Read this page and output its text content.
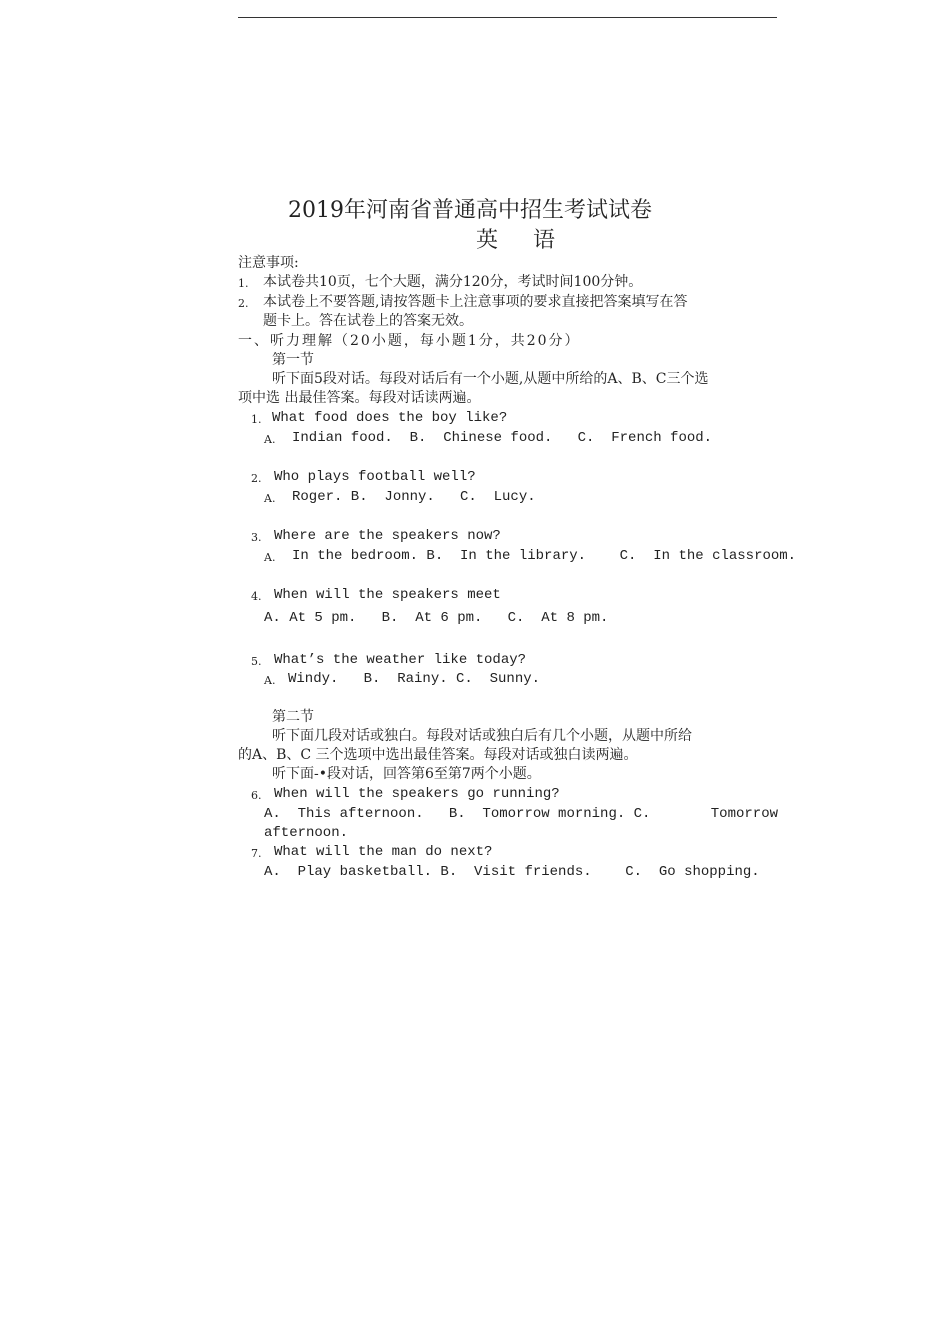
2019年河南省普通高中招生考试试卷
英 语
注意事项:
1. 本试卷共10页，七个大题，满分120分，考试时间100分钟。
2. 本试卷上不要答题,请按答题卡上注意事项的要求直接把答案填写在答
题卡上。答在试卷上的答案无效。
一、听力理解（20小题，每小题1分，共20分）
第一节
听下面5段对话。每段对话后有一个小题,从题中所给的A、B、C三个选
项中选 出最佳答案。每段对话读两遍。
1. What food does the boy like?
A. Indian food.  B.  Chinese food.   C.  French food.
2. Who plays football well?
A. Roger. B.  Jonny.   C.  Lucy.
3. Where are the speakers now?
A. In the bedroom. B.  In the library.    C.  In the classroom.
4. When will the speakers meet
A. At 5 pm.   B.  At 6 pm.   C.  At 8 pm.
5. What’s the weather like today?
A. Windy.   B.  Rainy. C.  Sunny.
第二节
听下面几段对话或独白。每段对话或独白后有几个小题，从题中所给
的A、B、C 三个选项中选出最佳答案。每段对话或独白读两遍。
听下面-•段对话，回答第6至第7两个小题。
6. When will the speakers go running?
A.  This afternoon.   B.  Tomorrow morning. C.	Tomorrow
afternoon.
7. What will the man do next?
A.  Play basketball. B.  Visit friends.    C.  Go shopping.
